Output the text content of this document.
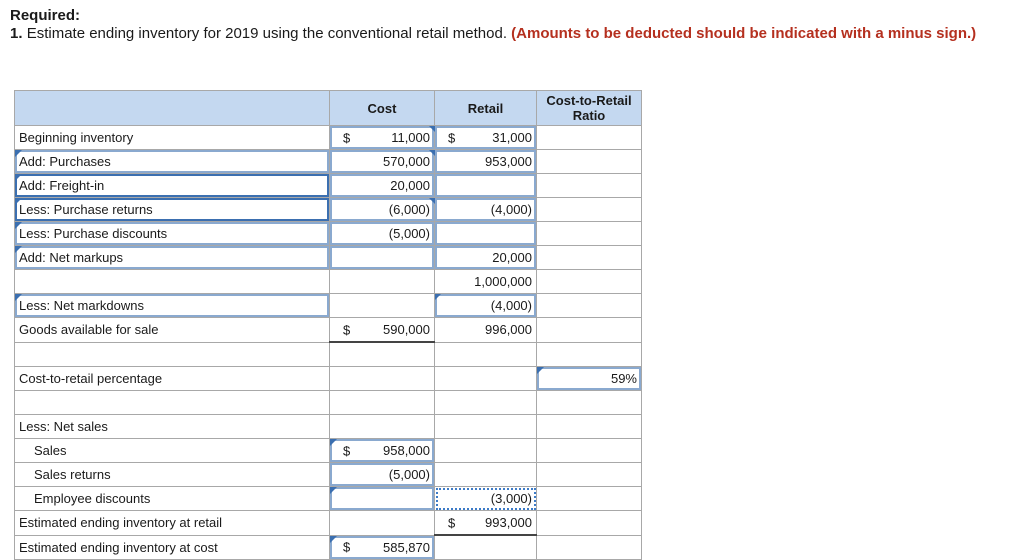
Required:
1. Estimate ending inventory for 2019 using the conventional retail method. (Amounts to be deducted should be indicated with a minus sign.)
	Cost	Retail	Cost-to-Retail Ratio
Beginning inventory	$ 11,000	$ 31,000	

Add: Purchases	570,000	953,000	

Add: Freight-in	20,000		

Less: Purchase returns	(6,000)	(4,000)	

Less: Purchase discounts	(5,000)		

Add: Net markups		20,000	
		1,000,000	

Less: Net markdowns		(4,000)	
Goods available for sale	$ 590,000	996,000	

Cost-to-retail percentage			59%

Less: Net sales			
Sales	$ 958,000		
Sales returns	(5,000)		
Employee discounts		(3,000)	
Estimated ending inventory at retail		$ 993,000	
Estimated ending inventory at cost	$ 585,870		
